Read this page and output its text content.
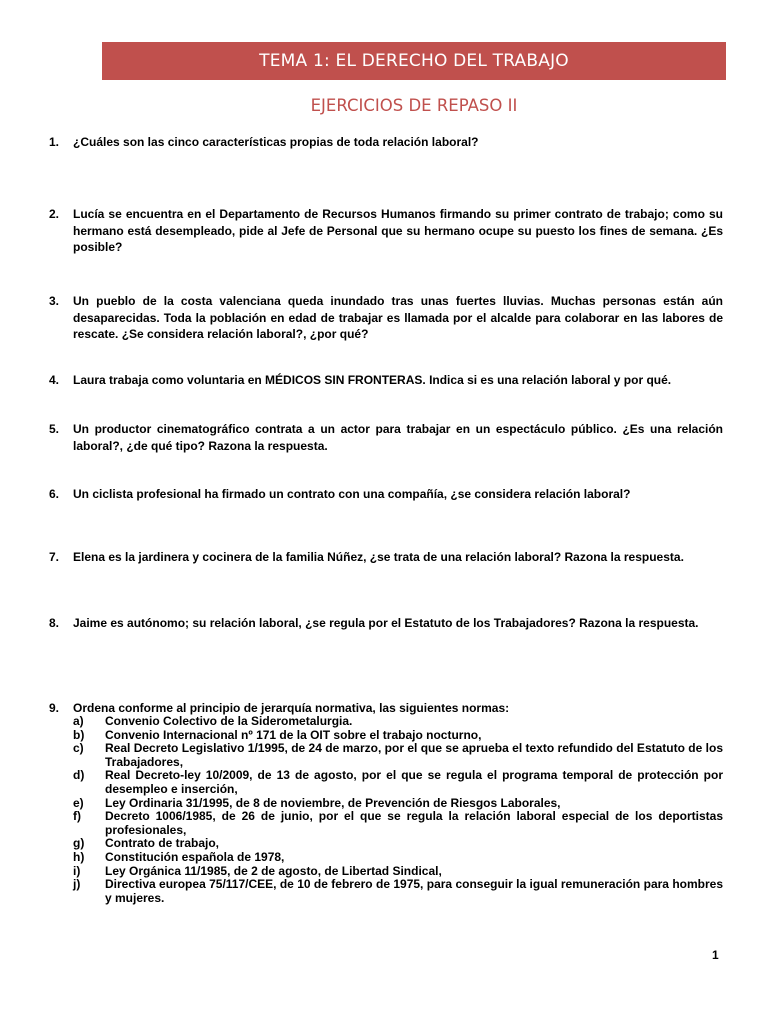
TEMA 1: EL DERECHO DEL TRABAJO
EJERCICIOS DE REPASO II
1.	¿Cuáles son las cinco características propias de toda relación laboral?
2.	Lucía se encuentra en el Departamento de Recursos Humanos firmando su primer contrato de trabajo; como su hermano está desempleado, pide al Jefe de Personal que su hermano ocupe su puesto los fines de semana. ¿Es posible?
3.	Un pueblo de la costa valenciana queda inundado tras unas fuertes lluvias. Muchas personas están aún desaparecidas. Toda la población en edad de trabajar es llamada por el alcalde para colaborar en las labores de rescate. ¿Se considera relación laboral?, ¿por qué?
4.	Laura trabaja como voluntaria en MÉDICOS SIN FRONTERAS. Indica si es una relación laboral y por qué.
5.	Un productor cinematográfico contrata a un actor para trabajar en un espectáculo público. ¿Es una relación laboral?, ¿de qué tipo? Razona la respuesta.
6.	Un ciclista profesional ha firmado un contrato con una compañía, ¿se considera relación laboral?
7.	Elena es la jardinera y cocinera de la familia Núñez, ¿se trata de una relación laboral? Razona la respuesta.
8.	Jaime es autónomo; su relación laboral, ¿se regula por el Estatuto de los Trabajadores? Razona la respuesta.
9.	Ordena conforme al principio de jerarquía normativa, las siguientes normas:
a) Convenio Colectivo de la Siderometalurgia.
b) Convenio Internacional nº 171 de la OIT sobre el trabajo nocturno,
c) Real Decreto Legislativo 1/1995, de 24 de marzo, por el que se aprueba el texto refundido del Estatuto de los Trabajadores,
d) Real Decreto-ley 10/2009, de 13 de agosto, por el que se regula el programa temporal de protección por desempleo e inserción,
e) Ley Ordinaria 31/1995, de 8 de noviembre, de Prevención de Riesgos Laborales,
f) Decreto 1006/1985, de 26 de junio, por el que se regula la relación laboral especial de los deportistas profesionales,
g) Contrato de trabajo,
h) Constitución española de 1978,
i) Ley Orgánica 11/1985, de 2 de agosto, de Libertad Sindical,
j) Directiva europea 75/117/CEE, de 10 de febrero de 1975, para conseguir la igual remuneración para hombres y mujeres.
1
